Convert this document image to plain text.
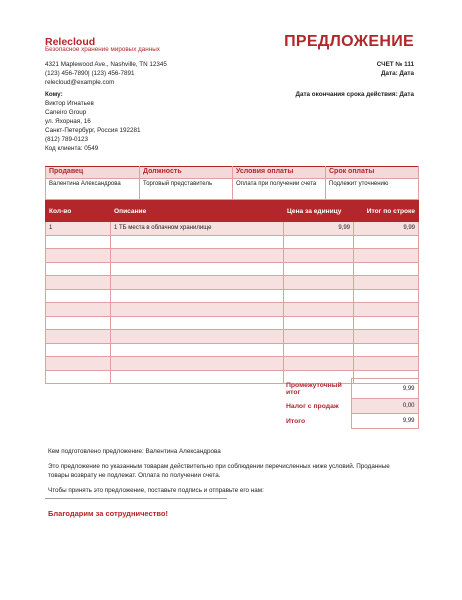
Relecloud
Безопасное хранение мировых данных	ПРЕДЛОЖЕНИЕ
4321 Maplewood Ave., Nashville, TN 12345
(123) 456-7890| (123) 456-7891
relecloud@example.com
СЧЕТ № 111
Дата: Дата
Кому:
Виктор Игнатьев
Caneiro Group
ул. Яхорная, 16
Санкт-Петербург, Россия 192281
(812) 789-0123
Код клиента: 0549
Дата окончания срока действия: Дата
Продавец	Должность	Условия оплаты	Срок оплаты
Валентина Александрова	Торговый представитель	Оплата при получении счета	Подлежит уточнению
Кол-во	Описание	Цена за единицу	Итог по строке
1	1 ТБ места в облачном хранилище	9,99	9,99

Промежуточный итог	9,99
Налог с продаж	0,00
Итого	9,99
Кем подготовлено предложение: Валентина Александрова
Это предложение по указанным товарам действительно при соблюдении перечисленных ниже условий. Проданные товары возврату не подлежат. Оплата по получении счета.
Чтобы принять это предложение, поставьте подпись и отправьте его нам:
Благодарим за сотрудничество!
